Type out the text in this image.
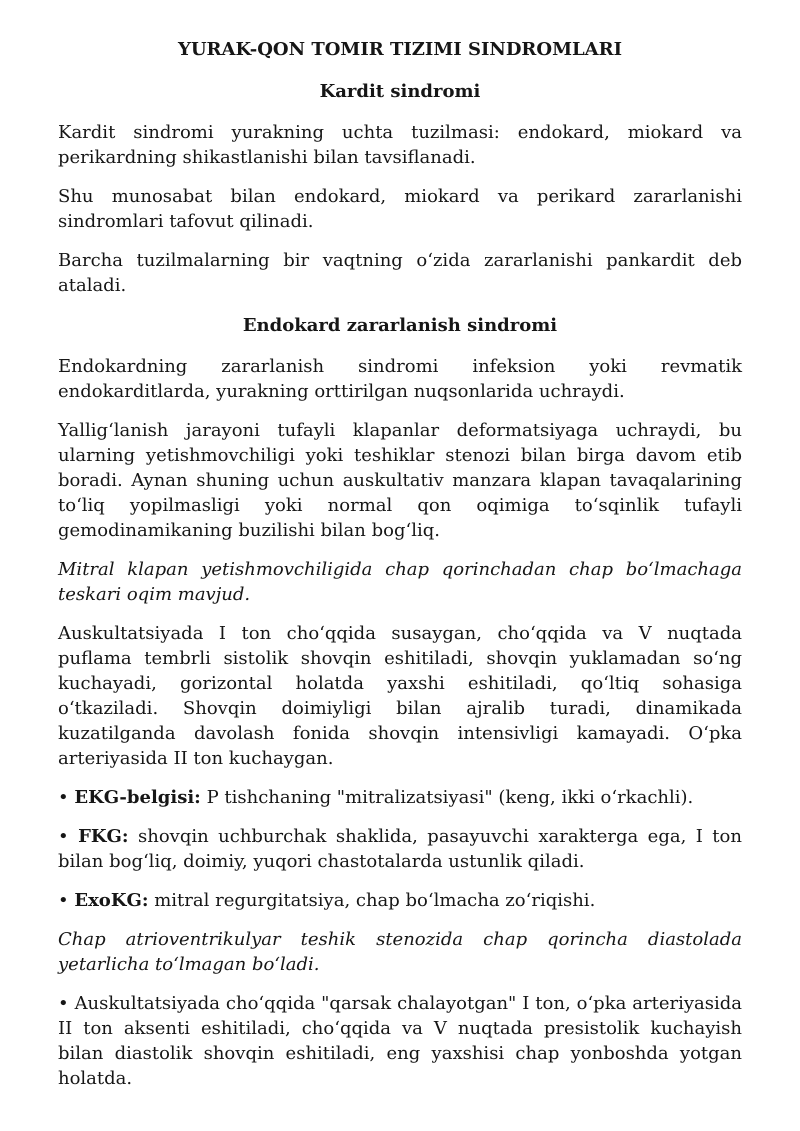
YURAK-QON TOMIR TIZIMI SINDROMLARI
Kardit sindromi

Kardit sindromi yurakning uchta tuzilmasi: endokard, miokard va perikardning shikastlanishi bilan tavsiflanadi.

Shu munosabat bilan endokard, miokard va perikard zararlanishi sindromlari tafovut qilinadi.

Barcha tuzilmalarning bir vaqtning oʻzida zararlanishi pankardit deb ataladi.

Endokard zararlanish sindromi

Endokardning zararlanish sindromi infeksion yoki revmatik endokarditlarda, yurakning orttirilgan nuqsonlarida uchraydi.

Yalligʻlanish jarayoni tufayli klapanlar deformatsiyaga uchraydi, bu ularning yetishmovchiligi yoki teshiklar stenozi bilan birga davom etib boradi. Aynan shuning uchun auskultativ manzara klapan tavaqalarining toʻliq yopilmasligi yoki normal qon oqimiga toʻsqinlik tufayli gemodinamikaning buzilishi bilan bogʻliq.

Mitral klapan yetishmovchiligida chap qorinchadan chap boʻlmachaga teskari oqim mavjud.

Auskultatsiyada I ton choʻqqida susaygan, choʻqqida va V nuqtada puflama tembrli sistolik shovqin eshitiladi, shovqin yuklamadan soʻng kuchayadi, gorizontal holatda yaxshi eshitiladi, qoʻltiq sohasiga oʻtkaziladi. Shovqin doimiyligi bilan ajralib turadi, dinamikada kuzatilganda davolash fonida shovqin intensivligi kamayadi. Oʻpka arteriyasida II ton kuchaygan.

• EKG-belgisi: P tishchaning "mitralizatsiyasi" (keng, ikki oʻrkachli).

• FKG: shovqin uchburchak shaklida, pasayuvchi xarakterga ega, I ton bilan bogʻliq, doimiy, yuqori chastotalarda ustunlik qiladi.

• ExoKG: mitral regurgitatsiya, chap boʻlmacha zoʻriqishi.

Chap atrioventrikulyar teshik stenozida chap qorincha diastolada yetarlicha toʻlmagan boʻladi.

• Auskultatsiyada choʻqqida "qarsak chalayotgan" I ton, oʻpka arteriyasida II ton aksenti eshitiladi, choʻqqida va V nuqtada presistolik kuchayish bilan diastolik shovqin eshitiladi, eng yaxshisi chap yonboshda yotgan holatda.
